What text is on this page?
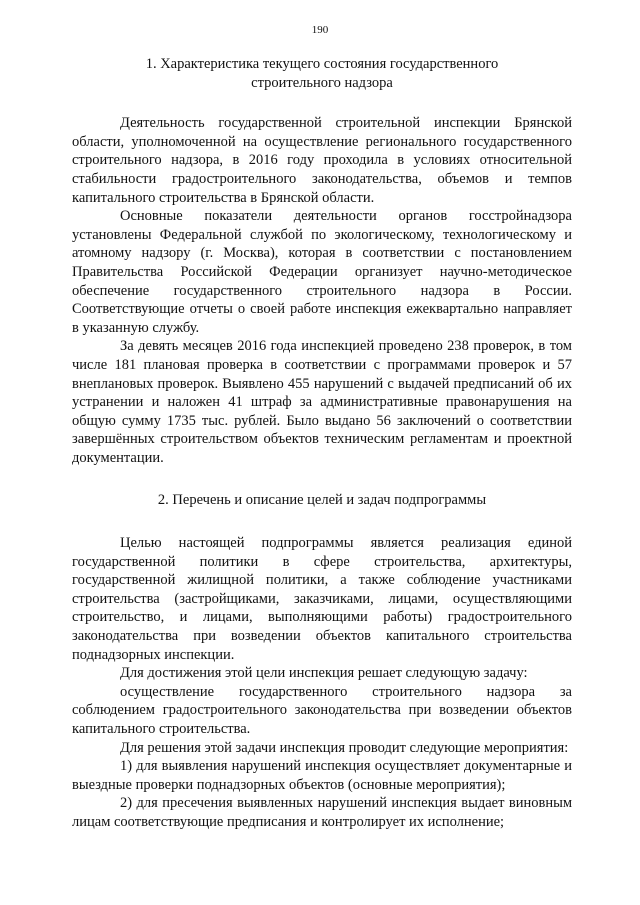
190
1. Характеристика текущего состояния государственного строительного надзора

Деятельность государственной строительной инспекции Брянской области, уполномоченной на осуществление регионального государственного строительного надзора, в 2016 году проходила в условиях относительной стабильности градостроительного законодательства, объемов и темпов капитального строительства в Брянской области.

Основные показатели деятельности органов госстройнадзора установлены Федеральной службой по экологическому, технологическому и атомному надзору (г. Москва), которая в соответствии с постановлением Правительства Российской Федерации организует научно-методическое обеспечение государственного строительного надзора в России. Соответствующие отчеты о своей работе инспекция ежеквартально направляет в указанную службу.

За девять месяцев 2016 года инспекцией проведено 238 проверок, в том числе 181 плановая проверка в соответствии с программами проверок и 57 внеплановых проверок. Выявлено 455 нарушений с выдачей предписаний об их устранении и наложен 41 штраф за административные правонарушения на общую сумму 1735 тыс. рублей. Было выдано 56 заключений о соответствии завершённых строительством объектов техническим регламентам и проектной документации.

2. Перечень и описание целей и задач подпрограммы

Целью настоящей подпрограммы является реализация единой государственной политики в сфере строительства, архитектуры, государственной жилищной политики, а также соблюдение участниками строительства (застройщиками, заказчиками, лицами, осуществляющими строительство, и лицами, выполняющими работы) градостроительного законодательства при возведении объектов капитального строительства поднадзорных инспекции.

Для достижения этой цели инспекция решает следующую задачу:

осуществление государственного строительного надзора за соблюдением градостроительного законодательства при возведении объектов капитального строительства.

Для решения этой задачи инспекция проводит следующие мероприятия:

1) для выявления нарушений инспекция осуществляет документарные и выездные проверки поднадзорных объектов (основные мероприятия);

2) для пресечения выявленных нарушений инспекция выдает виновным лицам соответствующие предписания и контролирует их исполнение;
